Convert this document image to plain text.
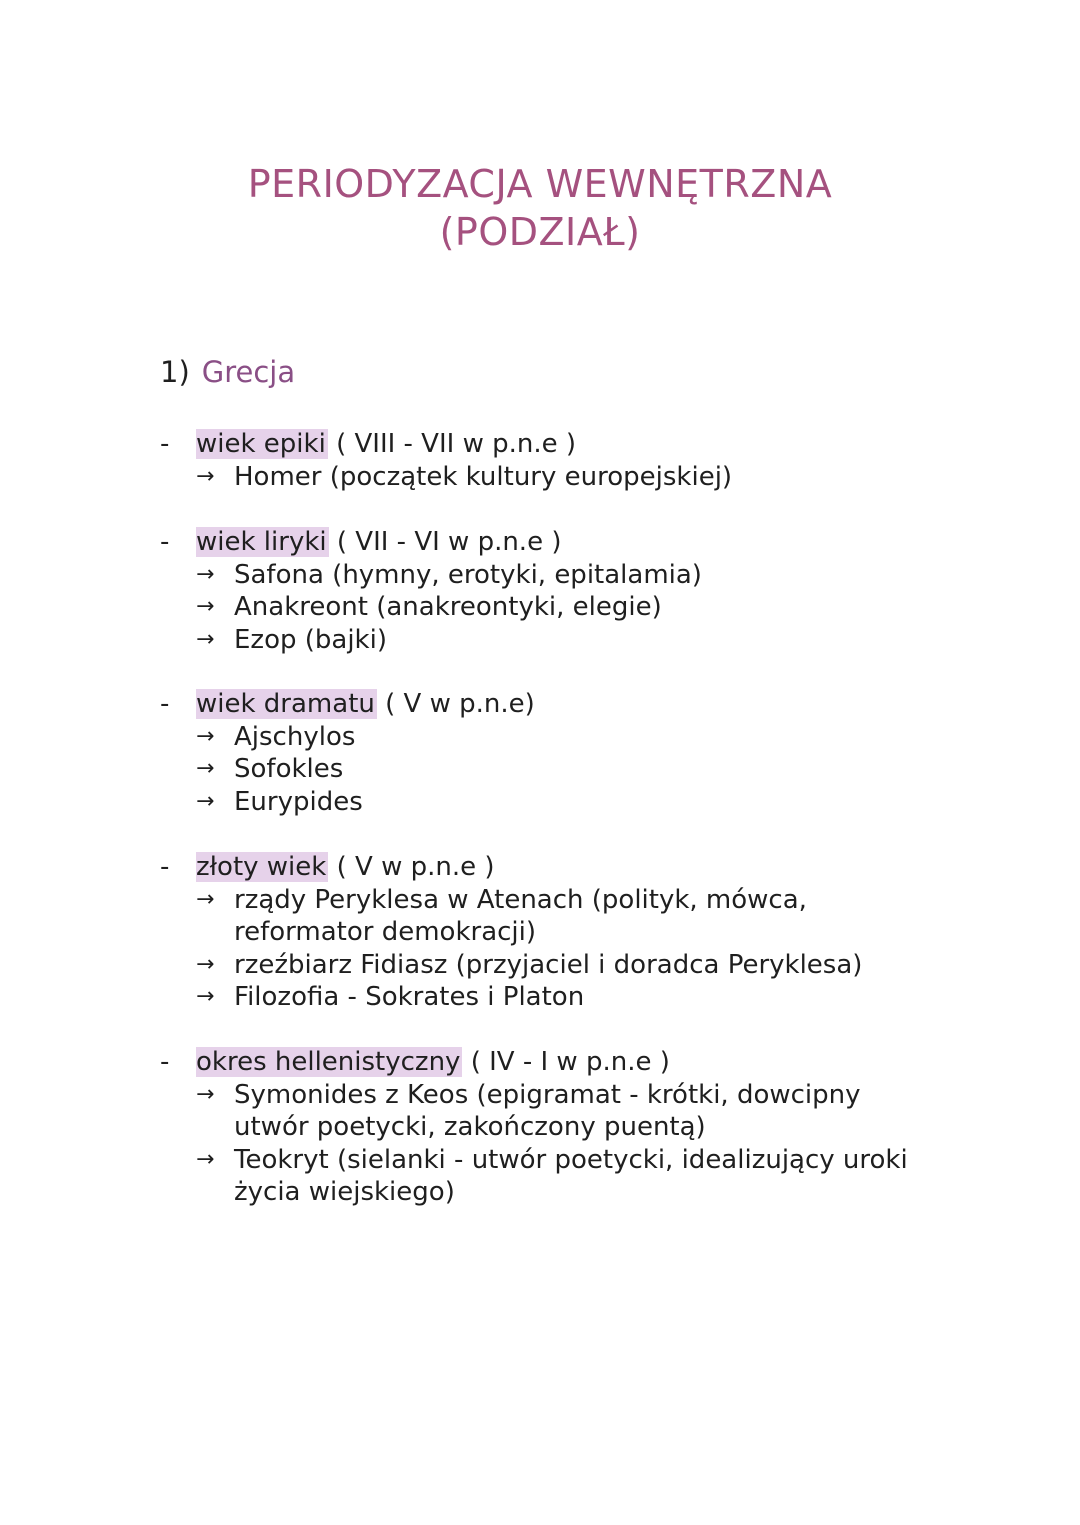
PERIODYZACJA WEWNĘTRZNA
(PODZIAŁ)
1) Grecja
-	wiek epiki ( VIII - VII w p.n.e )
→ Homer (początek kultury europejskiej)
-	wiek liryki ( VII - VI w p.n.e )
→ Safona (hymny, erotyki, epitalamia)
→ Anakreont (anakreontyki, elegie)
→ Ezop (bajki)
-	wiek dramatu ( V w p.n.e)
→ Ajschylos
→ Sofokles
→ Eurypides
-	złoty wiek ( V w p.n.e )
→ rządy Peryklesa w Atenach (polityk, mówca, reformator demokracji)
→ rzeźbiarz Fidiasz (przyjaciel i doradca Peryklesa)
→ Filozofia - Sokrates i Platon
-	okres hellenistyczny ( IV - I w p.n.e )
→ Symonides z Keos (epigramat - krótki, dowcipny utwór poetycki, zakończony puentą)
→ Teokryt (sielanki - utwór poetycki, idealizujący uroki życia wiejskiego)
